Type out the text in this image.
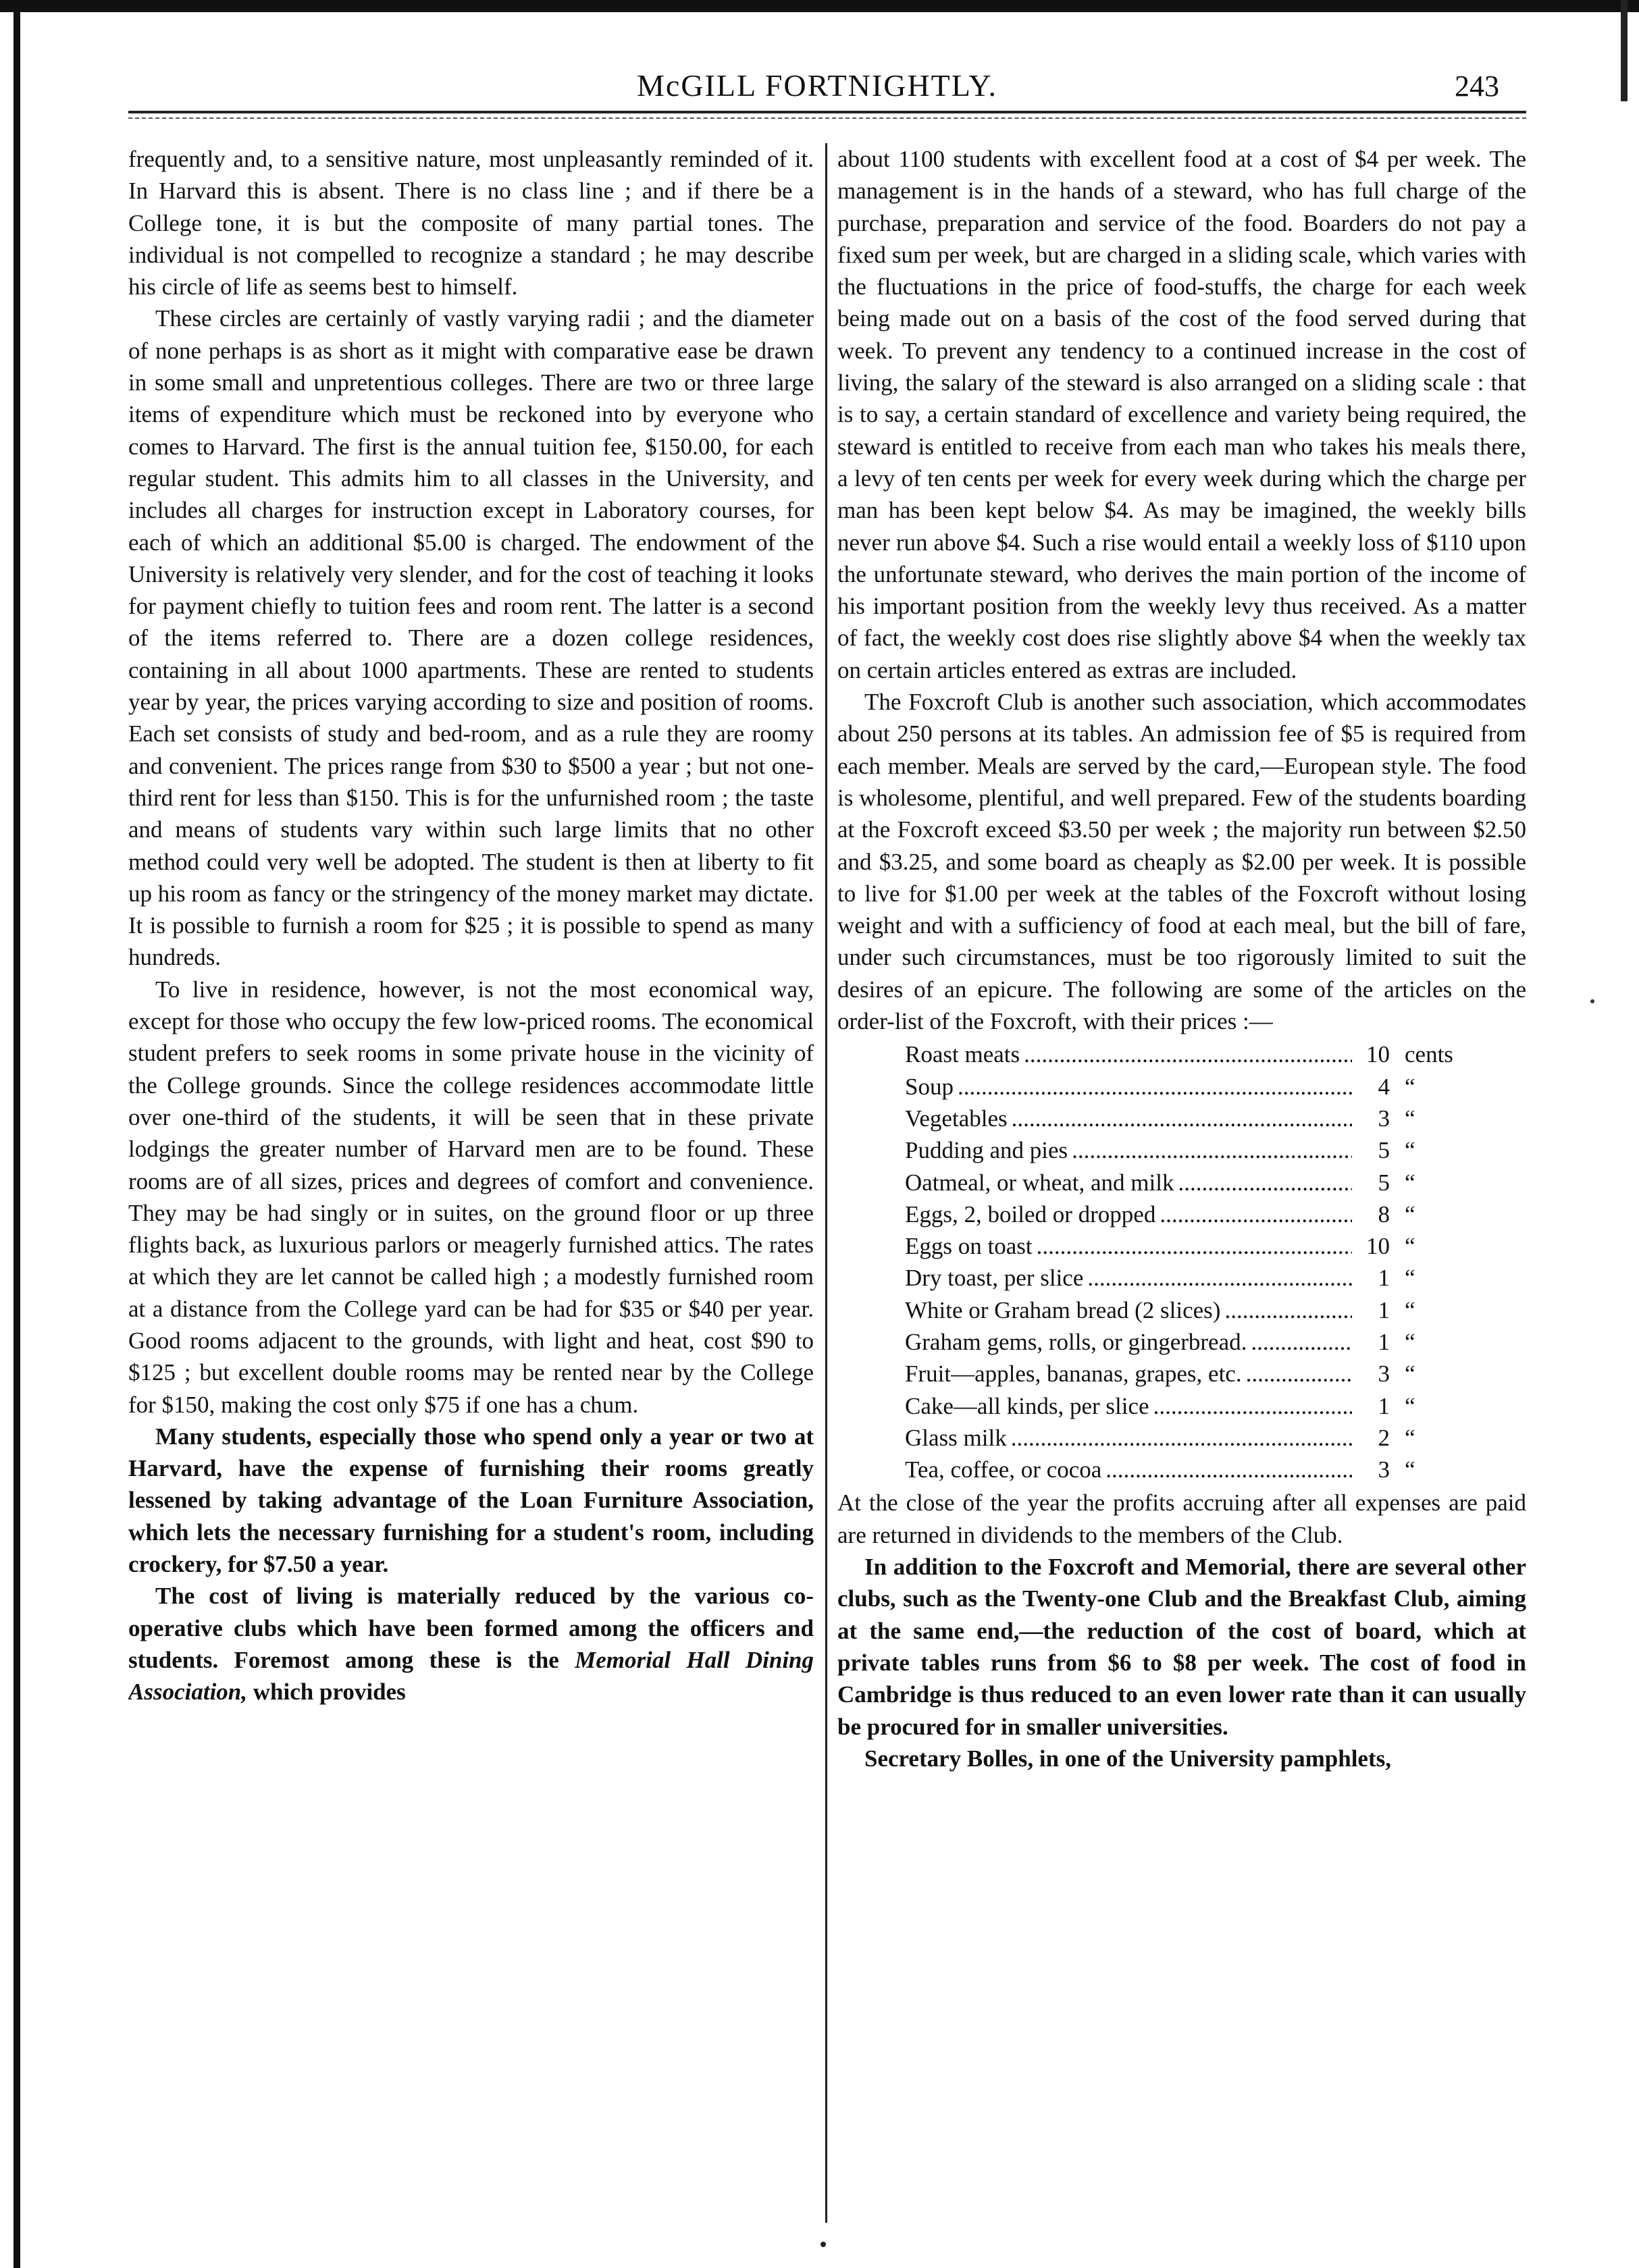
McGILL FORTNIGHTLY.	243

frequently and, to a sensitive nature, most unpleasantly reminded of it. In Harvard this is absent. There is no class line ; and if there be a College tone, it is but the composite of many partial tones. The individual is not compelled to recognize a standard ; he may describe his circle of life as seems best to himself.

These circles are certainly of vastly varying radii ; and the diameter of none perhaps is as short as it might with comparative ease be drawn in some small and unpretentious colleges. There are two or three large items of expenditure which must be reckoned into by everyone who comes to Harvard. The first is the annual tuition fee, $150.00, for each regular student. This admits him to all classes in the University, and includes all charges for instruction except in Laboratory courses, for each of which an additional $5.00 is charged. The endowment of the University is relatively very slender, and for the cost of teaching it looks for payment chiefly to tuition fees and room rent. The latter is a second of the items referred to. There are a dozen college residences, containing in all about 1000 apartments. These are rented to students year by year, the prices varying according to size and position of rooms. Each set consists of study and bed-room, and as a rule they are roomy and convenient. The prices range from $30 to $500 a year ; but not one-third rent for less than $150. This is for the unfurnished room ; the taste and means of students vary within such large limits that no other method could very well be adopted. The student is then at liberty to fit up his room as fancy or the stringency of the money market may dictate. It is possible to furnish a room for $25 ; it is possible to spend as many hundreds.

To live in residence, however, is not the most economical way, except for those who occupy the few low-priced rooms. The economical student prefers to seek rooms in some private house in the vicinity of the College grounds. Since the college residences accommodate little over one-third of the students, it will be seen that in these private lodgings the greater number of Harvard men are to be found. These rooms are of all sizes, prices and degrees of comfort and convenience. They may be had singly or in suites, on the ground floor or up three flights back, as luxurious parlors or meagerly furnished attics. The rates at which they are let cannot be called high ; a modestly furnished room at a distance from the College yard can be had for $35 or $40 per year. Good rooms adjacent to the grounds, with light and heat, cost $90 to $125 ; but excellent double rooms may be rented near by the College for $150, making the cost only $75 if one has a chum.

Many students, especially those who spend only a year or two at Harvard, have the expense of furnishing their rooms greatly lessened by taking advantage of the Loan Furniture Association, which lets the necessary furnishing for a student's room, including crockery, for $7.50 a year.

The cost of living is materially reduced by the various co-operative clubs which have been formed among the officers and students. Foremost among these is the Memorial Hall Dining Association, which provides

about 1100 students with excellent food at a cost of $4 per week. The management is in the hands of a steward, who has full charge of the purchase, preparation and service of the food. Boarders do not pay a fixed sum per week, but are charged in a sliding scale, which varies with the fluctuations in the price of food-stuffs, the charge for each week being made out on a basis of the cost of the food served during that week. To prevent any tendency to a continued increase in the cost of living, the salary of the steward is also arranged on a sliding scale : that is to say, a certain standard of excellence and variety being required, the steward is entitled to receive from each man who takes his meals there, a levy of ten cents per week for every week during which the charge per man has been kept below $4. As may be imagined, the weekly bills never run above $4. Such a rise would entail a weekly loss of $110 upon the unfortunate steward, who derives the main portion of the income of his important position from the weekly levy thus received. As a matter of fact, the weekly cost does rise slightly above $4 when the weekly tax on certain articles entered as extras are included.

The Foxcroft Club is another such association, which accommodates about 250 persons at its tables. An admission fee of $5 is required from each member. Meals are served by the card,—European style. The food is wholesome, plentiful, and well prepared. Few of the students boarding at the Foxcroft exceed $3.50 per week ; the majority run between $2.50 and $3.25, and some board as cheaply as $2.00 per week. It is possible to live for $1.00 per week at the tables of the Foxcroft without losing weight and with a sufficiency of food at each meal, but the bill of fare, under such circumstances, must be too rigorously limited to suit the desires of an epicure. The following are some of the articles on the order-list of the Foxcroft, with their prices :—

Roast meats .....	10 cents
Soup .....	4 “
Vegetables .....	3 “
Pudding and pies .....	5 “
Oatmeal, or wheat, and milk .....	5 “
Eggs, 2, boiled or dropped .....	8 “
Eggs on toast .....	10 “
Dry toast, per slice .....	1 “
White or Graham bread (2 slices) .....	1 “
Graham gems, rolls, or gingerbread. .....	1 “
Fruit—apples, bananas, grapes, etc. .....	3 “
Cake—all kinds, per slice .....	1 “
Glass milk .....	2 “
Tea, coffee, or cocoa .....	3 “

At the close of the year the profits accruing after all expenses are paid are returned in dividends to the members of the Club.

In addition to the Foxcroft and Memorial, there are several other clubs, such as the Twenty-one Club and the Breakfast Club, aiming at the same end,—the reduction of the cost of board, which at private tables runs from $6 to $8 per week. The cost of food in Cambridge is thus reduced to an even lower rate than it can usually be procured for in smaller universities.

Secretary Bolles, in one of the University pamphlets,
